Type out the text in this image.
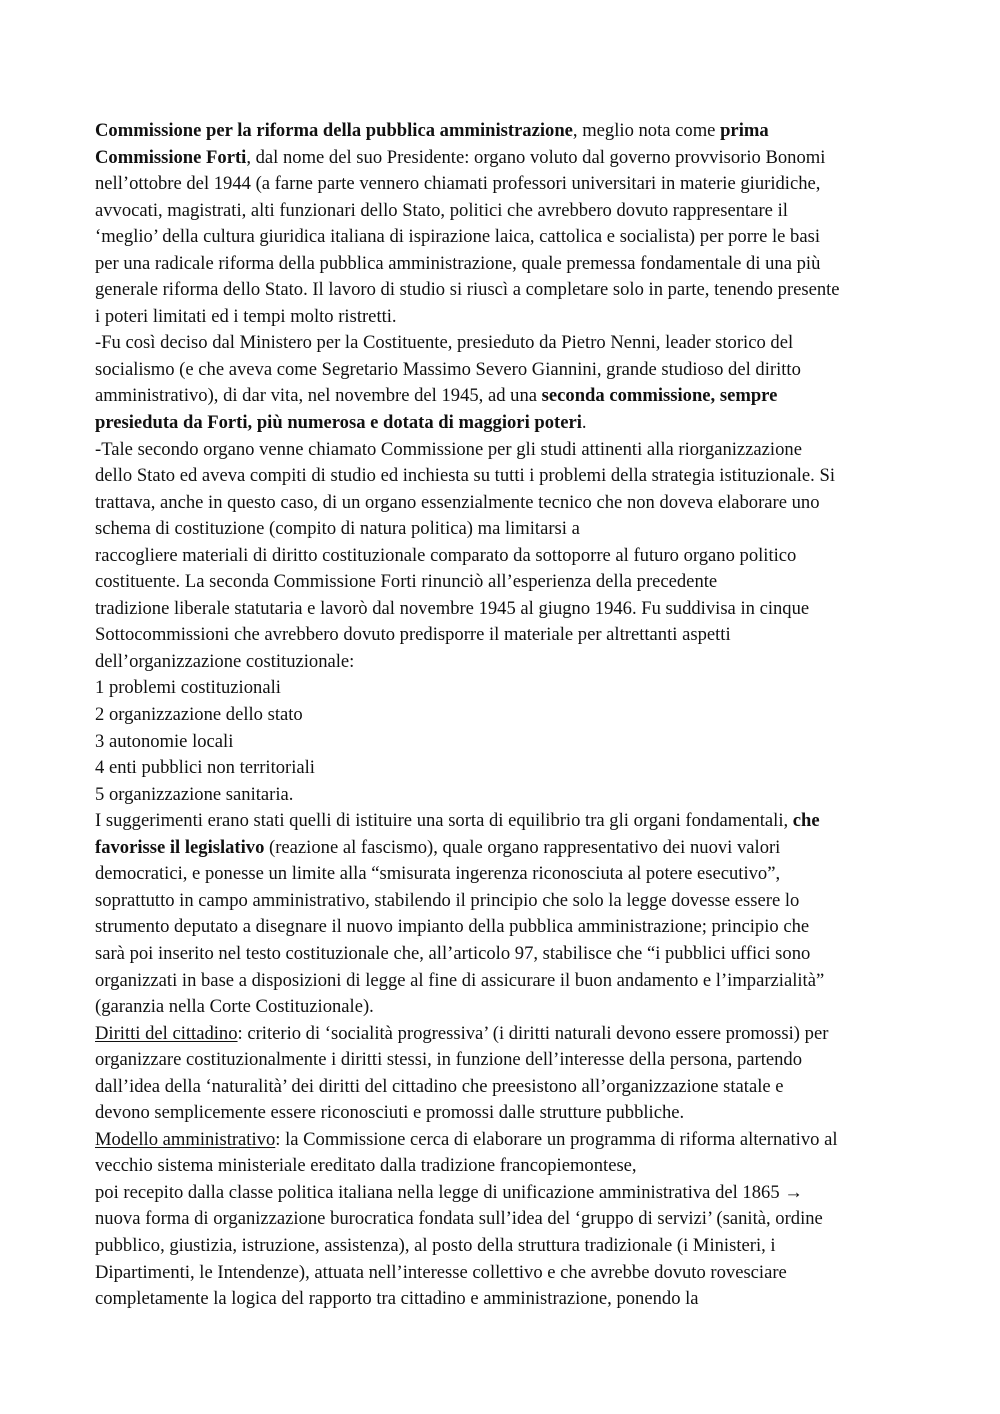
Commissione per la riforma della pubblica amministrazione, meglio nota come prima
Commissione Forti, dal nome del suo Presidente: organo voluto dal governo provvisorio Bonomi
nell’ottobre del 1944 (a farne parte vennero chiamati professori universitari in materie giuridiche,
avvocati, magistrati, alti funzionari dello Stato, politici che avrebbero dovuto rappresentare il
‘meglio’ della cultura giuridica italiana di ispirazione laica, cattolica e socialista) per porre le basi
per una radicale riforma della pubblica amministrazione, quale premessa fondamentale di una più
generale riforma dello Stato. Il lavoro di studio si riuscì a completare solo in parte, tenendo presente
i poteri limitati ed i tempi molto ristretti.
-Fu così deciso dal Ministero per la Costituente, presieduto da Pietro Nenni, leader storico del
socialismo (e che aveva come Segretario Massimo Severo Giannini, grande studioso del diritto
amministrativo), di dar vita, nel novembre del 1945, ad una seconda commissione, sempre
presieduta da Forti, più numerosa e dotata di maggiori poteri.
-Tale secondo organo venne chiamato Commissione per gli studi attinenti alla riorganizzazione
dello Stato ed aveva compiti di studio ed inchiesta su tutti i problemi della strategia istituzionale. Si
trattava, anche in questo caso, di un organo essenzialmente tecnico che non doveva elaborare uno
schema di costituzione (compito di natura politica) ma limitarsi a
raccogliere materiali di diritto costituzionale comparato da sottoporre al futuro organo politico
costituente. La seconda Commissione Forti rinunciò all’esperienza della precedente
tradizione liberale statutaria e lavorò dal novembre 1945 al giugno 1946. Fu suddivisa in cinque
Sottocommissioni che avrebbero dovuto predisporre il materiale per altrettanti aspetti
dell’organizzazione costituzionale:
1 problemi costituzionali
2 organizzazione dello stato
3 autonomie locali
4 enti pubblici non territoriali
5 organizzazione sanitaria.
I suggerimenti erano stati quelli di istituire una sorta di equilibrio tra gli organi fondamentali, che
favorisse il legislativo (reazione al fascismo), quale organo rappresentativo dei nuovi valori
democratici, e ponesse un limite alla “smisurata ingerenza riconosciuta al potere esecutivo”,
soprattutto in campo amministrativo, stabilendo il principio che solo la legge dovesse essere lo
strumento deputato a disegnare il nuovo impianto della pubblica amministrazione; principio che
sarà poi inserito nel testo costituzionale che, all’articolo 97, stabilisce che “i pubblici uffici sono
organizzati in base a disposizioni di legge al fine di assicurare il buon andamento e l’imparzialità”
(garanzia nella Corte Costituzionale).
Diritti del cittadino: criterio di ‘socialità progressiva’ (i diritti naturali devono essere promossi) per
organizzare costituzionalmente i diritti stessi, in funzione dell’interesse della persona, partendo
dall’idea della ‘naturalità’ dei diritti del cittadino che preesistono all’organizzazione statale e
devono semplicemente essere riconosciuti e promossi dalle strutture pubbliche.
Modello amministrativo: la Commissione cerca di elaborare un programma di riforma alternativo al
vecchio sistema ministeriale ereditato dalla tradizione francopiemontese,
poi recepito dalla classe politica italiana nella legge di unificazione amministrativa del 1865 →
nuova forma di organizzazione burocratica fondata sull’idea del ‘gruppo di servizi’ (sanità, ordine
pubblico, giustizia, istruzione, assistenza), al posto della struttura tradizionale (i Ministeri, i
Dipartimenti, le Intendenze), attuata nell’interesse collettivo e che avrebbe dovuto rovesciare
completamente la logica del rapporto tra cittadino e amministrazione, ponendo la
